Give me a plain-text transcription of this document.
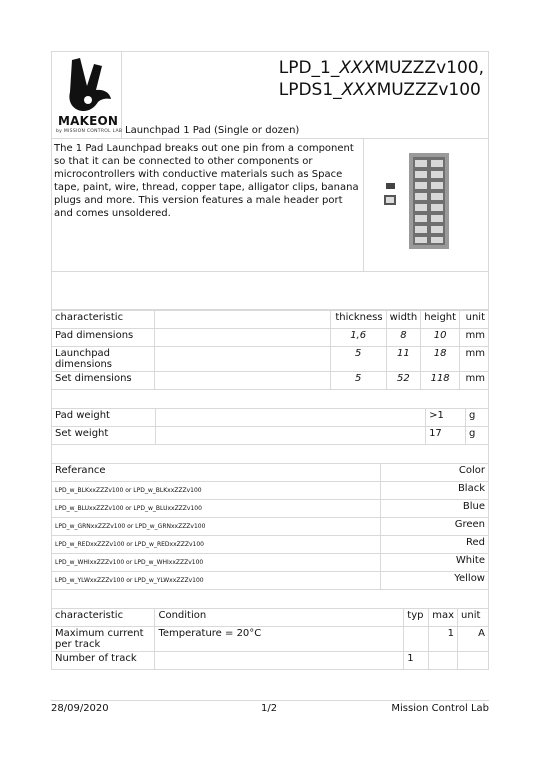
MAKEON
by MISSION CONTROL LAB
LPD_1_XXXMUZZZv100,
LPDS1_XXXMUZZZv100
Launchpad 1 Pad (Single or dozen)
The 1 Pad Launchpad breaks out one pin from a component so that it can be connected to other components or microcontrollers with conductive materials such as Space tape, paint, wire, thread, copper tape, alligator clips, banana plugs and more. This version features a male header port and comes unsoldered.
characteristic		thickness	width	height	unit
Pad dimensions		1,6	8	10	mm
Launchpad dimensions		5	11	18	mm
Set dimensions		5	52	118	mm
Pad weight		>1	g
Set weight		17	g
Referance	Color
LPD_w_BLKxxZZZv100 or LPD_w_BLKxxZZZv100	Black
LPD_w_BLUxxZZZv100 or LPD_w_BLUxxZZZv100	Blue
LPD_w_GRNxxZZZv100 or LPD_w_GRNxxZZZv100	Green
LPD_w_REDxxZZZv100 or LPD_w_REDxxZZZv100	Red
LPD_w_WHIxxZZZv100 or LPD_w_WHIxxZZZv100	White
LPD_w_YLWxxZZZv100 or LPD_w_YLWxxZZZv100	Yellow
characteristic	Condition	typ	max	unit
Maximum current per track	Temperature = 20°C		1	A
Number of track		1		
28/09/2020	1/2	Mission Control Lab
